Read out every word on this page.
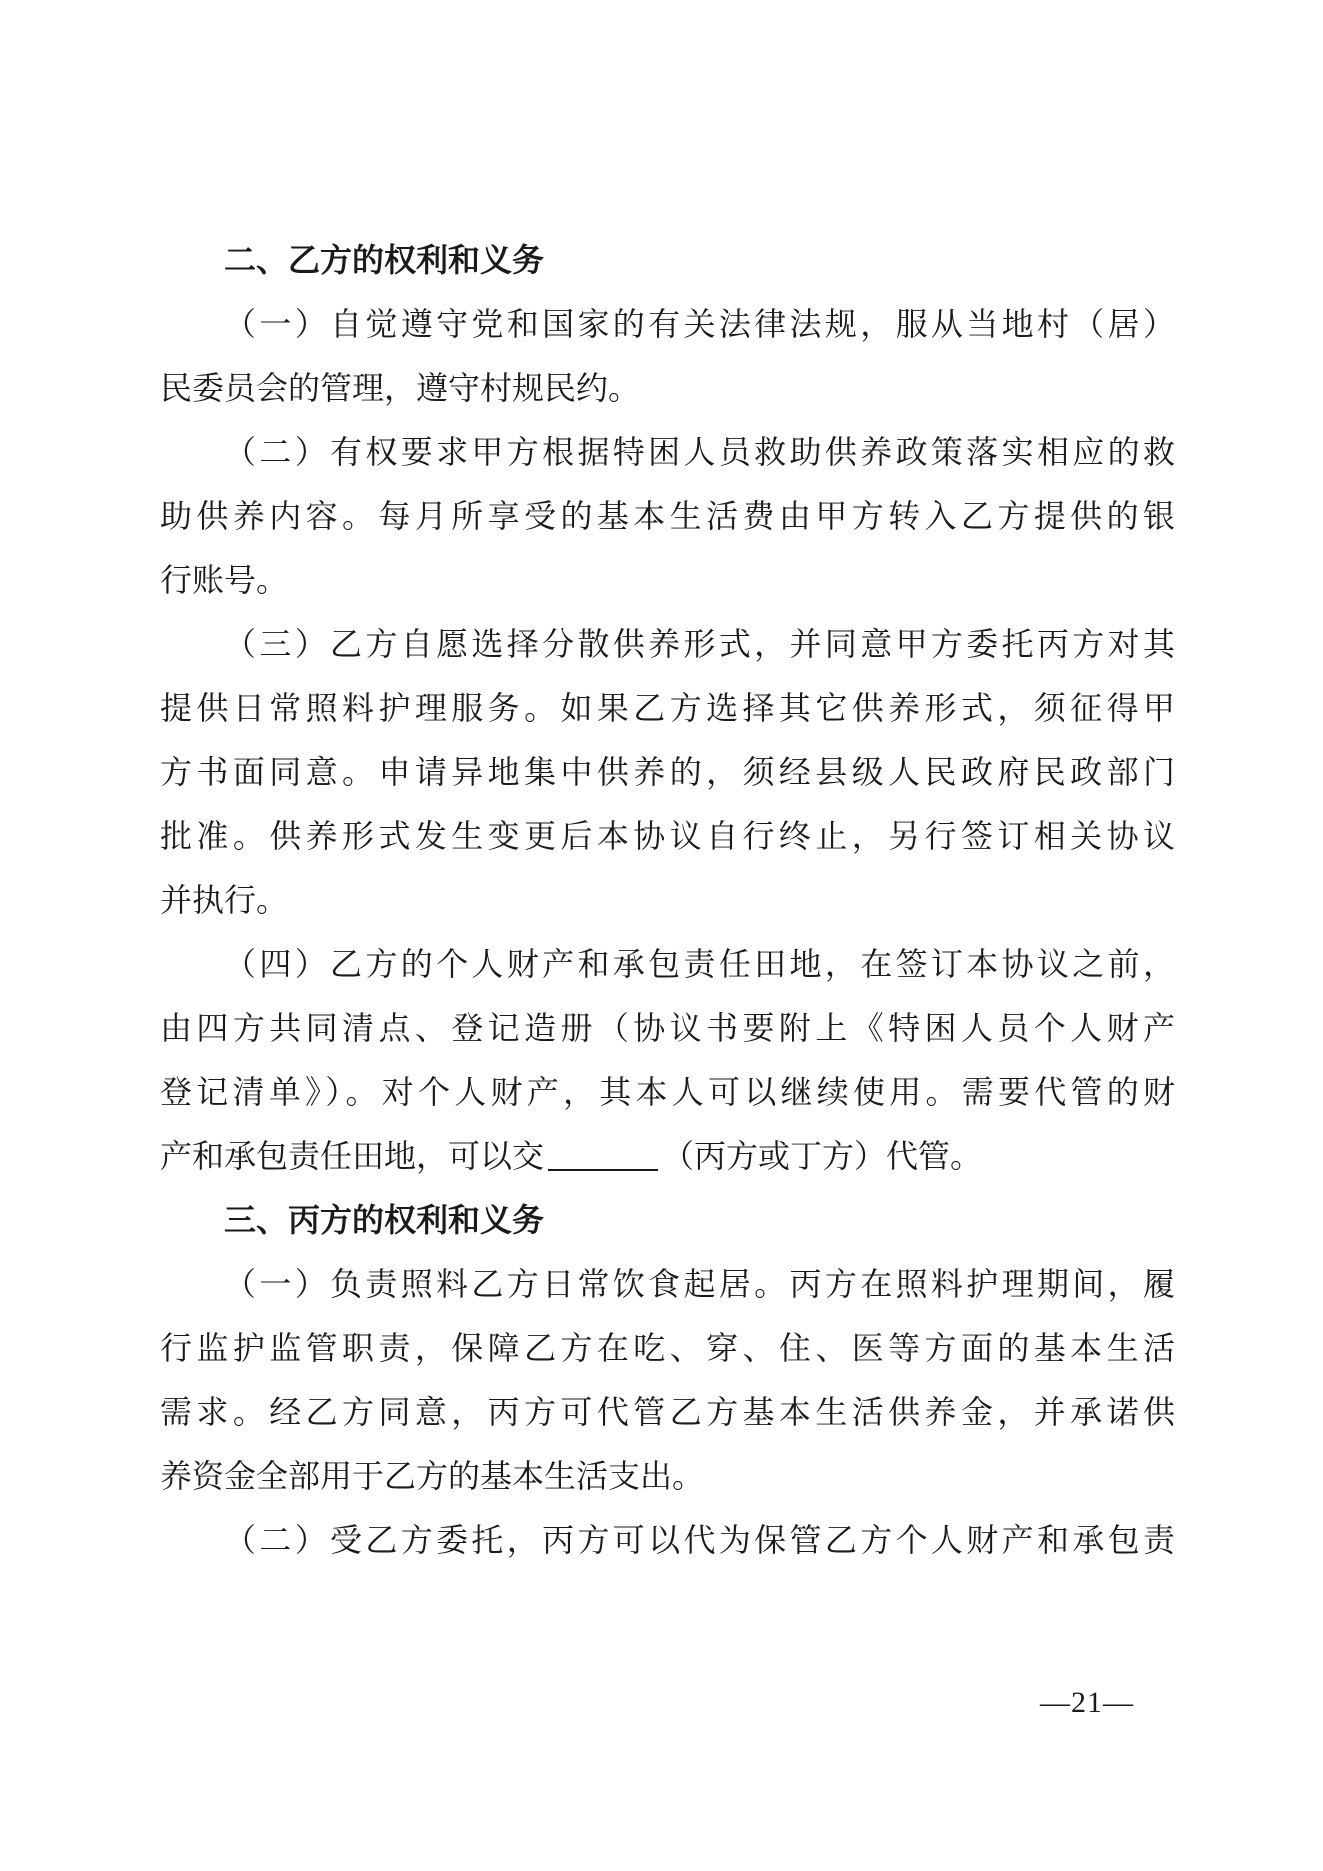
二、乙方的权利和义务
（一）自觉遵守党和国家的有关法律法规，服从当地村（居）
民委员会的管理，遵守村规民约。
（二）有权要求甲方根据特困人员救助供养政策落实相应的救
助供养内容。每月所享受的基本生活费由甲方转入乙方提供的银
行账号。
（三）乙方自愿选择分散供养形式，并同意甲方委托丙方对其
提供日常照料护理服务。如果乙方选择其它供养形式，须征得甲
方书面同意。申请异地集中供养的，须经县级人民政府民政部门
批准。供养形式发生变更后本协议自行终止，另行签订相关协议
并执行。
（四）乙方的个人财产和承包责任田地，在签订本协议之前，
由四方共同清点、登记造册（协议书要附上《特困人员个人财产
登记清单》）。对个人财产，其本人可以继续使用。需要代管的财
产和承包责任田地，可以交	（丙方或丁方）代管。
三、丙方的权利和义务
（一）负责照料乙方日常饮食起居。丙方在照料护理期间，履
行监护监管职责，保障乙方在吃、穿、住、医等方面的基本生活
需求。经乙方同意，丙方可代管乙方基本生活供养金，并承诺供
养资金全部用于乙方的基本生活支出。
（二）受乙方委托，丙方可以代为保管乙方个人财产和承包责
—21—
